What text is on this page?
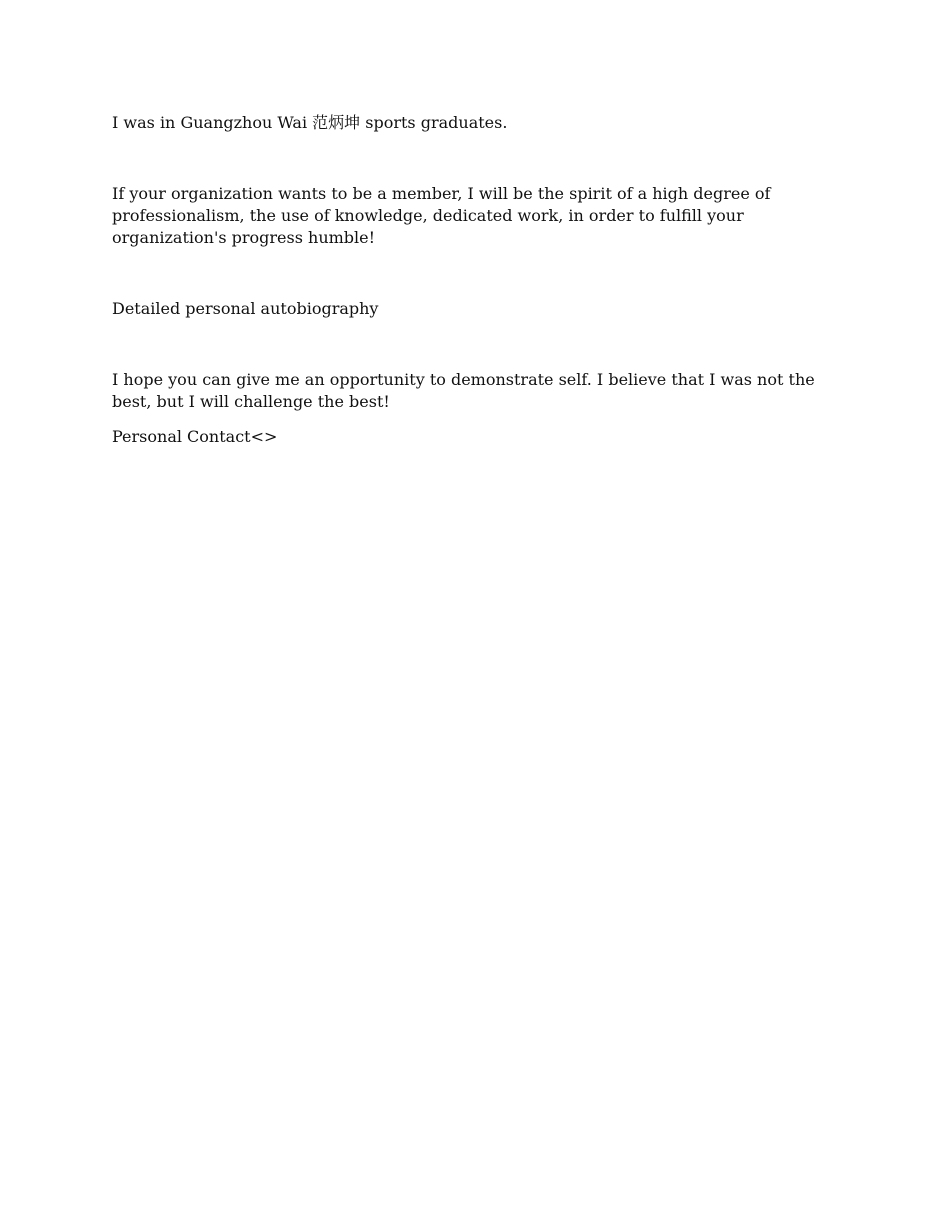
I was in Guangzhou Wai 范炳坤 sports graduates.

If your organization wants to be a member, I will be the spirit of a high degree of professionalism, the use of knowledge, dedicated work, in order to fulfill your organization's progress humble!

Detailed personal autobiography

I hope you can give me an opportunity to demonstrate self. I believe that I was not the best, but I will challenge the best!

Personal Contact<>
